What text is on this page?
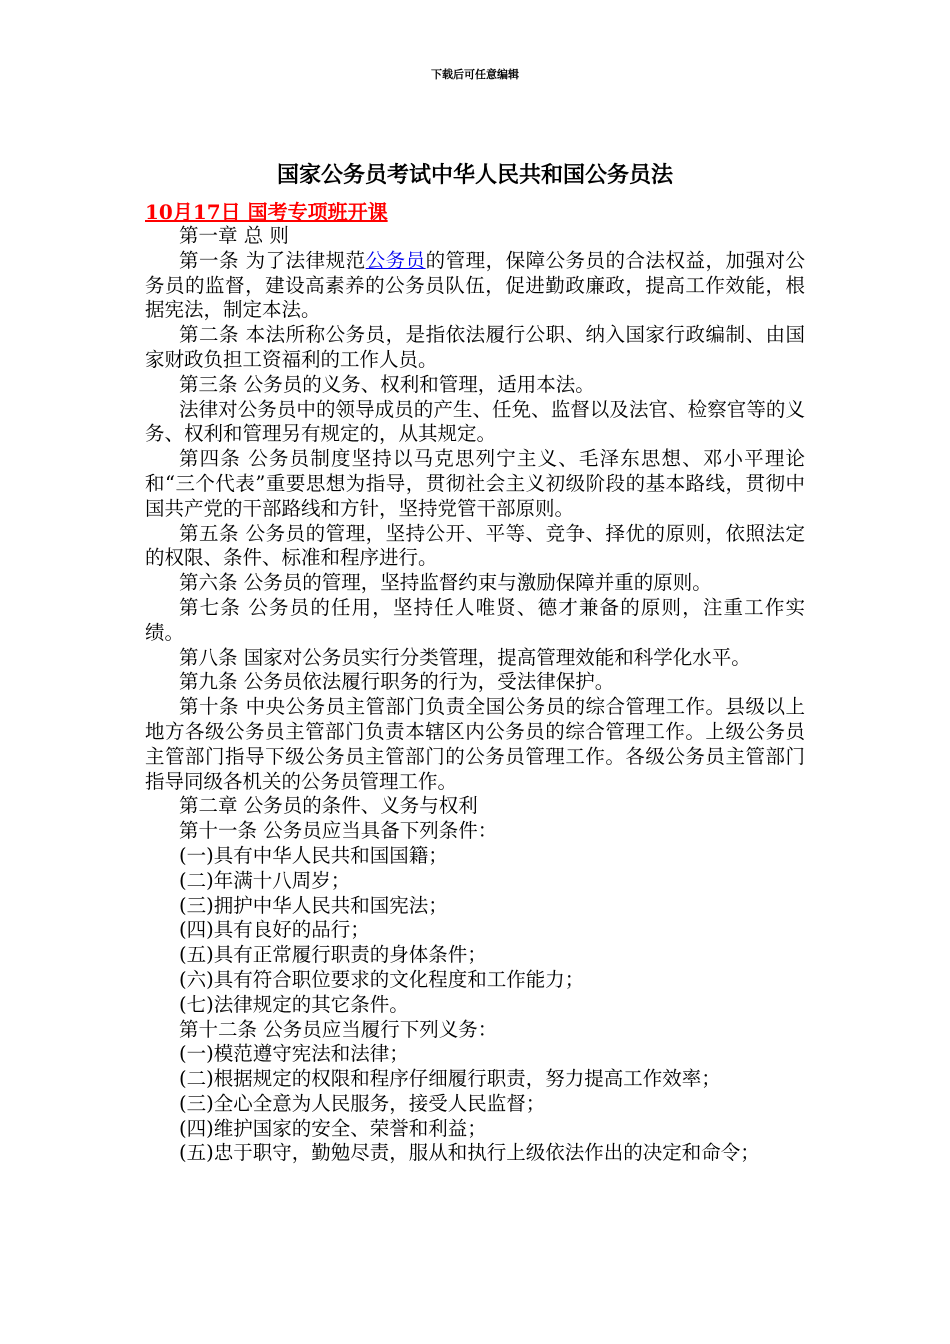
下载后可任意编辑
国家公务员考试中华人民共和国公务员法
10月17日 国考专项班开课

第一章 总 则

第一条 为了法律规范公务员的管理，保障公务员的合法权益，加强对公务员的监督，建设高素养的公务员队伍，促进勤政廉政，提高工作效能，根据宪法，制定本法。

第二条 本法所称公务员，是指依法履行公职、纳入国家行政编制、由国家财政负担工资福利的工作人员。

第三条 公务员的义务、权利和管理，适用本法。

法律对公务员中的领导成员的产生、任免、监督以及法官、检察官等的义务、权利和管理另有规定的，从其规定。

第四条 公务员制度坚持以马克思列宁主义、毛泽东思想、邓小平理论和“三个代表”重要思想为指导，贯彻社会主义初级阶段的基本路线，贯彻中国共产党的干部路线和方针，坚持党管干部原则。

第五条 公务员的管理，坚持公开、平等、竞争、择优的原则，依照法定的权限、条件、标准和程序进行。

第六条 公务员的管理，坚持监督约束与激励保障并重的原则。

第七条 公务员的任用，坚持任人唯贤、德才兼备的原则，注重工作实绩。

第八条 国家对公务员实行分类管理，提高管理效能和科学化水平。

第九条 公务员依法履行职务的行为，受法律保护。

第十条 中央公务员主管部门负责全国公务员的综合管理工作。县级以上地方各级公务员主管部门负责本辖区内公务员的综合管理工作。上级公务员主管部门指导下级公务员主管部门的公务员管理工作。各级公务员主管部门指导同级各机关的公务员管理工作。

第二章 公务员的条件、义务与权利

第十一条 公务员应当具备下列条件：

(一)具有中华人民共和国国籍；

(二)年满十八周岁；

(三)拥护中华人民共和国宪法；

(四)具有良好的品行；

(五)具有正常履行职责的身体条件；

(六)具有符合职位要求的文化程度和工作能力；

(七)法律规定的其它条件。

第十二条 公务员应当履行下列义务：

(一)模范遵守宪法和法律；

(二)根据规定的权限和程序仔细履行职责，努力提高工作效率；

(三)全心全意为人民服务，接受人民监督；

(四)维护国家的安全、荣誉和利益；

(五)忠于职守，勤勉尽责，服从和执行上级依法作出的决定和命令；
